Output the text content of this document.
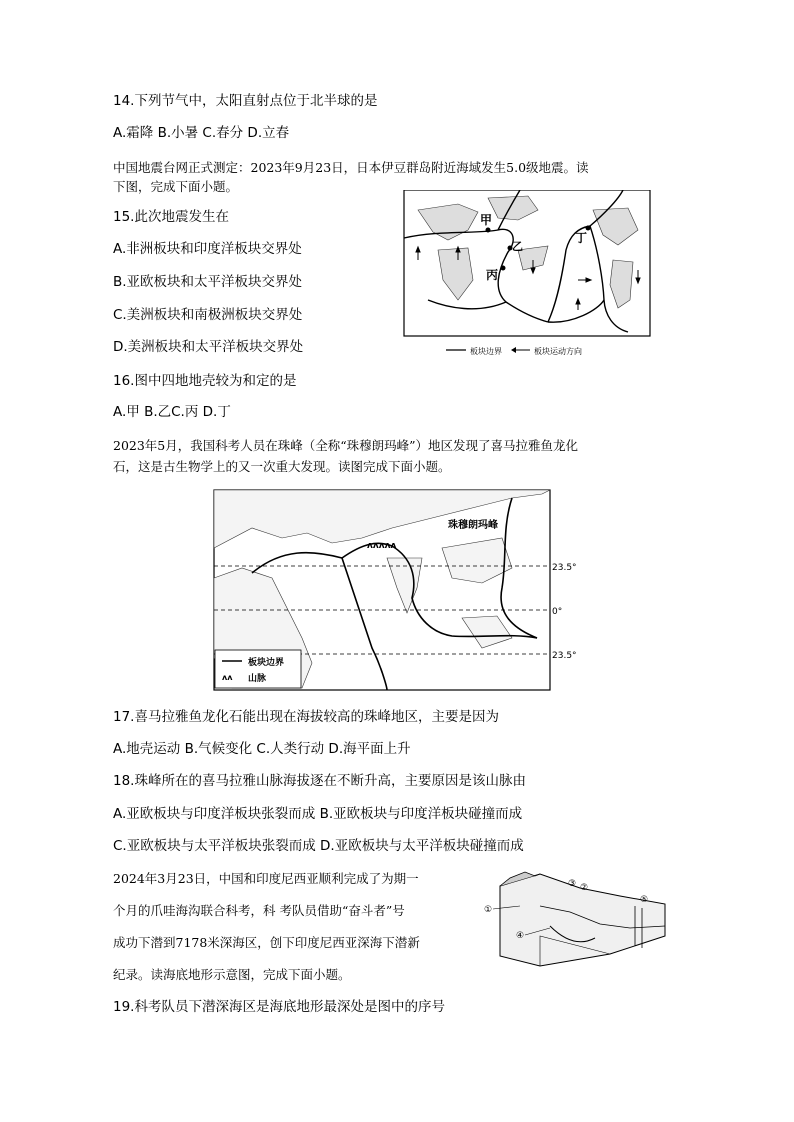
14.下列节气中，太阳直射点位于北半球的是
A.霜降 B.小暑 C.春分 D.立春
中国地震台网正式测定：2023年9月23日，日本伊豆群岛附近海域发生5.0级地震。读
下图，完成下面小题。
15.此次地震发生在
A.非洲板块和印度洋板块交界处
B.亚欧板块和太平洋板块交界处
C.美洲板块和南极洲板块交界处
D.美洲板块和太平洋板块交界处
甲
乙
丙
丁
板块边界	板块运动方向
16.图中四地地壳较为和定的是
A.甲 B.乙C.丙 D.丁
2023年5月，我国科考人员在珠峰（全称“珠穆朗玛峰”）地区发现了喜马拉雅鱼龙化
石，这是古生物学上的又一次重大发现。读图完成下面小题。
ᴧᴧᴧᴧᴧ
珠穆朗玛峰
23.5°
0°
23.5°
板块边界
ᴧᴧ 山脉
17.喜马拉雅鱼龙化石能出现在海拔较高的珠峰地区，主要是因为
A.地壳运动 B.气候变化 C.人类行动 D.海平面上升
18.珠峰所在的喜马拉雅山脉海拔逐在不断升高，主要原因是该山脉由
A.亚欧板块与印度洋板块张裂而成 B.亚欧板块与印度洋板块碰撞而成
C.亚欧板块与太平洋板块张裂而成 D.亚欧板块与太平洋板块碰撞而成
2024年3月23日，中国和印度尼西亚顺利完成了为期一
个月的爪哇海沟联合科考，科 考队员借助“奋斗者”号
成功下潜到7178米深海区，创下印度尼西亚深海下潜新
纪录。读海底地形示意图，完成下面小题。
①
②
③
④
⑤
19.科考队员下潜深海区是海底地形最深处是图中的序号
